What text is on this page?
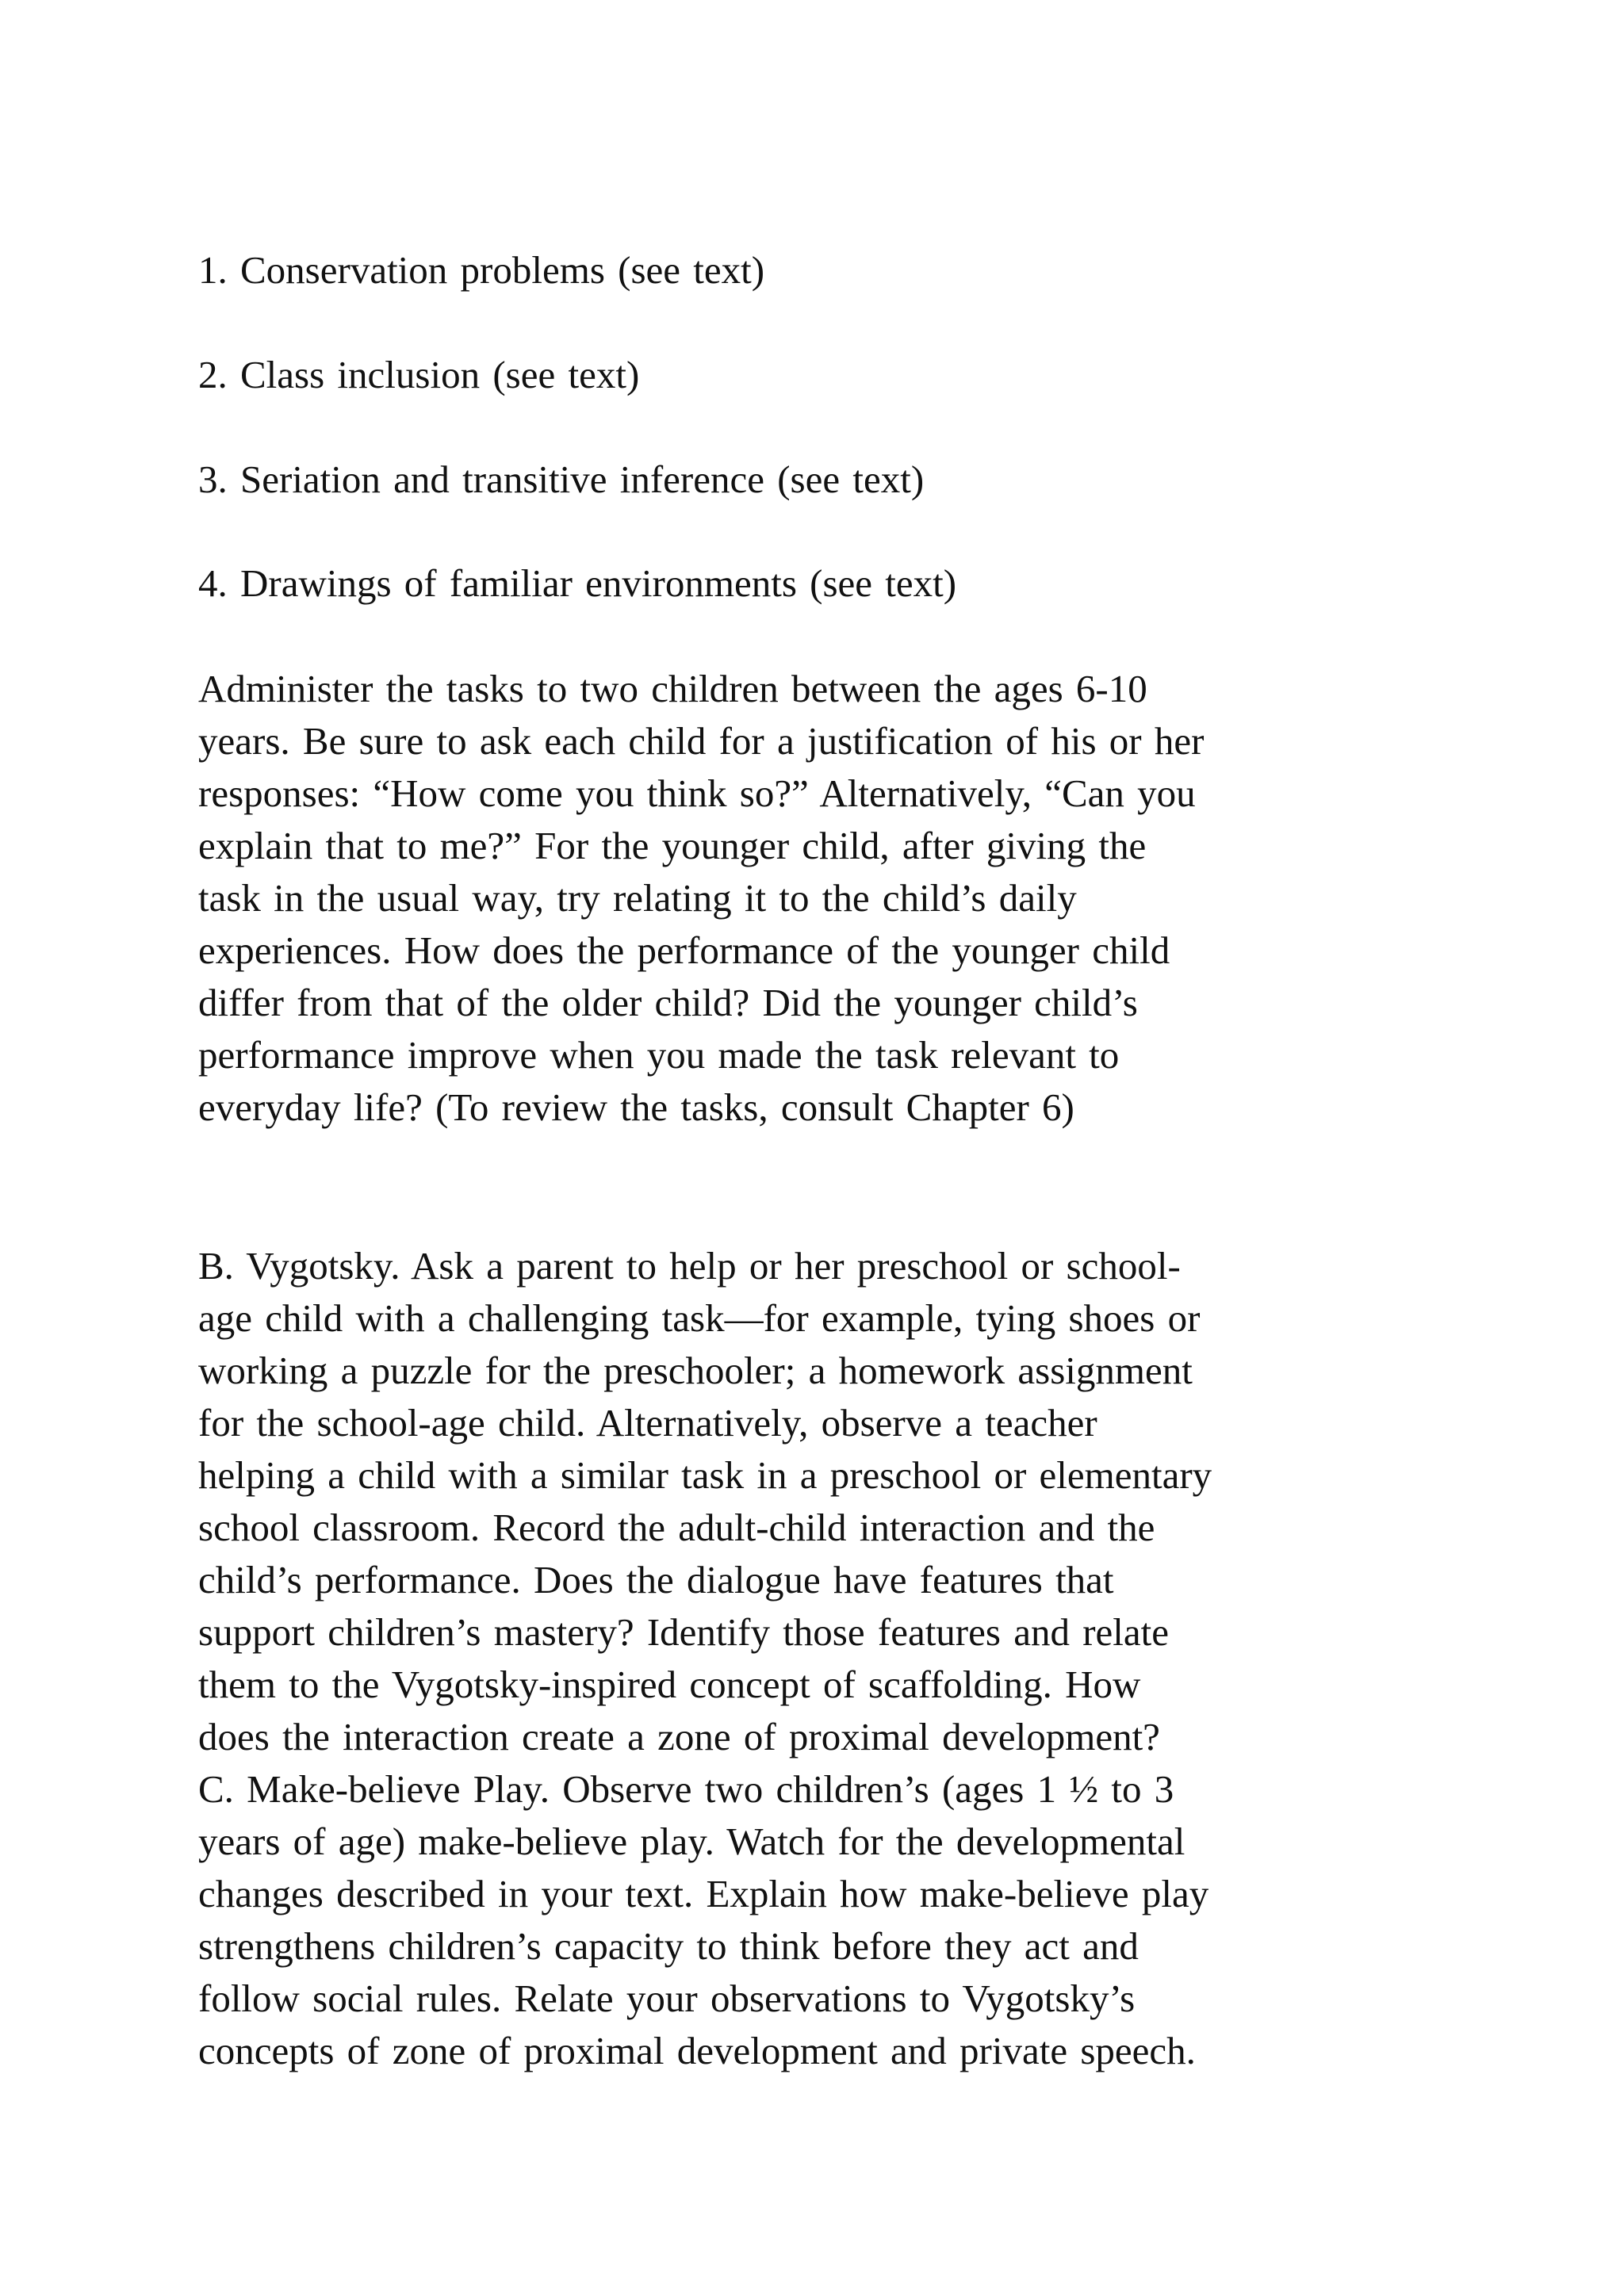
1. Conservation problems (see text)
2. Class inclusion (see text)
3. Seriation and transitive inference (see text)
4. Drawings of familiar environments (see text)
Administer the tasks to two children between the ages 6-10
years. Be sure to ask each child for a justification of his or her
responses: “How come you think so?” Alternatively, “Can you
explain that to me?” For the younger child, after giving the
task in the usual way, try relating it to the child’s daily
experiences. How does the performance of the younger child
differ from that of the older child? Did the younger child’s
performance improve when you made the task relevant to
everyday life? (To review the tasks, consult Chapter 6)
B. Vygotsky. Ask a parent to help or her preschool or school-
age child with a challenging task—for example, tying shoes or
working a puzzle for the preschooler; a homework assignment
for the school-age child. Alternatively, observe a teacher
helping a child with a similar task in a preschool or elementary
school classroom. Record the adult-child interaction and the
child’s performance. Does the dialogue have features that
support children’s mastery? Identify those features and relate
them to the Vygotsky-inspired concept of scaffolding. How
does the interaction create a zone of proximal development?
C. Make-believe Play. Observe two children’s (ages 1 ½ to 3
years of age) make-believe play. Watch for the developmental
changes described in your text. Explain how make-believe play
strengthens children’s capacity to think before they act and
follow social rules. Relate your observations to Vygotsky’s
concepts of zone of proximal development and private speech.
